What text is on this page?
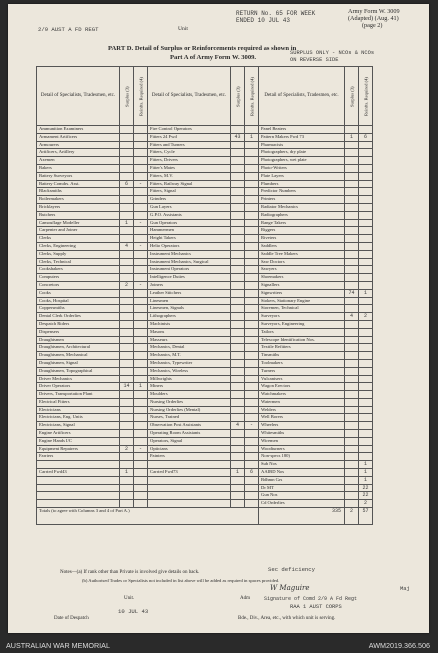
Army Form W. 3009
(Adapted) (Aug. 41)
(page 2)
RETURN No. 65 FOR WEEK
ENDED 10 JUL 43
2/9 AUST A FD REGT	Unit
PART D. Detail of Surplus or Reinforcements required as shown in
Part A of Army Form W. 3009.
SURPLUS ONLY - NCOs & NCOs
ON REVERSE SIDE
Detail of Specialists, Tradesmen, etc.	Surplus (3)	Reinfts. Required (4)	Detail of Specialists, Tradesmen, etc.	Surplus (3)	Reinfts. Required (4)	Detail of Specialists, Tradesmen, etc.	Surplus (3)	Reinfts. Required (4)
Ammunition Examiners			Fire Control Operators			Panel Beaters		
Armament Artificers			Fitters 24 Fwd	43	1	Pattern Makers Fwd 73	1	6
Armourers			Fitters and Turners			Pharmacists		
Artificers, Artillery			Fitters, Cycle			Photographers, dry plate		
Axemen			Fitters, Drivers			Photographers, wet plate		
Bakers			Fitter's Mates			Photo-Writers		
Battery Surveyors			Fitters, M.V.			Plate Layers		
Battery Comdrs. Asst.	6	-	Fitters, Railway Signal			Plumbers		
Blacksmiths			Fitters, Signal			Predictor Numbers		
Boilermakers			Grinders			Printers		
Bricklayers			Gun Layers			Radiator Mechanics		
Butchers			G.P.O. Assistants			Radiographers		
Camouflage Modeller	1	-	Gun Operators			Range Takers		
Carpenter and Joiner			Hammermen			Riggers		
Clerks			Height Takers			Riveters		
Clerks, Engineering	4	-	Helio Operators			Saddlers		
Clerks, Supply			Instrument Mechanics			Saddle Tree Makers		
Clerks, Technical			Instrument Mechanics, Surgical			Saw Doctors		
Cookshakers			Instrument Operators			Sawyers		
Computers			Intelligence Duties			Shoemakers		
Concretors	2	-	Joiners			Signallers		
Cooks			Leather Stitchers			Signwriters	74	1
Cooks, Hospital			Linesmen			Stokers, Stationary Engine		
Coppersmiths			Linesmen, Signals			Storemen, Technical		
Dental Clerk Orderlies			Lithographers			Surveyors	4	2
Despatch Riders			Machinists			Surveyors, Engineering		
Dispensers			Masons			Tailors		
Draughtsmen			Masseurs			Telescope Identification Nos.		
Draughtsmen, Architectural			Mechanics, Dental			Textile Refitters		
Draughtsmen, Mechanical			Mechanics, M.T.			Tinsmiths		
Draughtsmen, Signal			Mechanics, Typewriter			Toolmakers		
Draughtsmen, Topographical			Mechanics, Wireless			Turners		
Driver Mechanics			Millwrights			Vulcanisers		
Driver Operators	14	1	Miners			Wagon Erectors		
Drivers, Transportation Plant			Moulders			Watchmakers		
Electrical Fitters			Nursing Orderlies			Watermen		
Electricians			Nursing Orderlies (Mental)			Welders		
Electricians, Eng. Units			Nurses, Trained			Well Borers		
Electricians, Signal			Observation Post Assistants	4	-	Wheelers		
Engine Artificers			Operating Room Assistants			Whitesmiths		
Engine Hands I/C			Operators, Signal			Wiremen		
Equipment Repairers	2	-	Opticians			Woodturners		
Farriers			Painters			Non-specs 180)		
						Sub Nos		1
Carried Fwd43	1		Carried Fwd73	1	6	AAIBD Nos		1
						Bdhmn Grs		1
						Dr MT		22
						Gun Nos		22
						Cd Orderlies		2
Totals (to agree with Columns 3 and 4 of Part A.)						335	2	57
Notes—(a) If rank other than Private is involved give details on back.
(b) Authorised Trades or Specialists not included in list above will be added as required in spaces provided.
Sec deficiency
W Maguire	Maj
Unit.	Adm	Signature of Comd 2/9 A Fd Regt
RAA 1 AUST CORPS
10 JUL 43
Date of Despatch	Bde., Div., Area, etc., with which unit is serving.
AUSTRALIAN WAR MEMORIAL	AWM2019.366.506
